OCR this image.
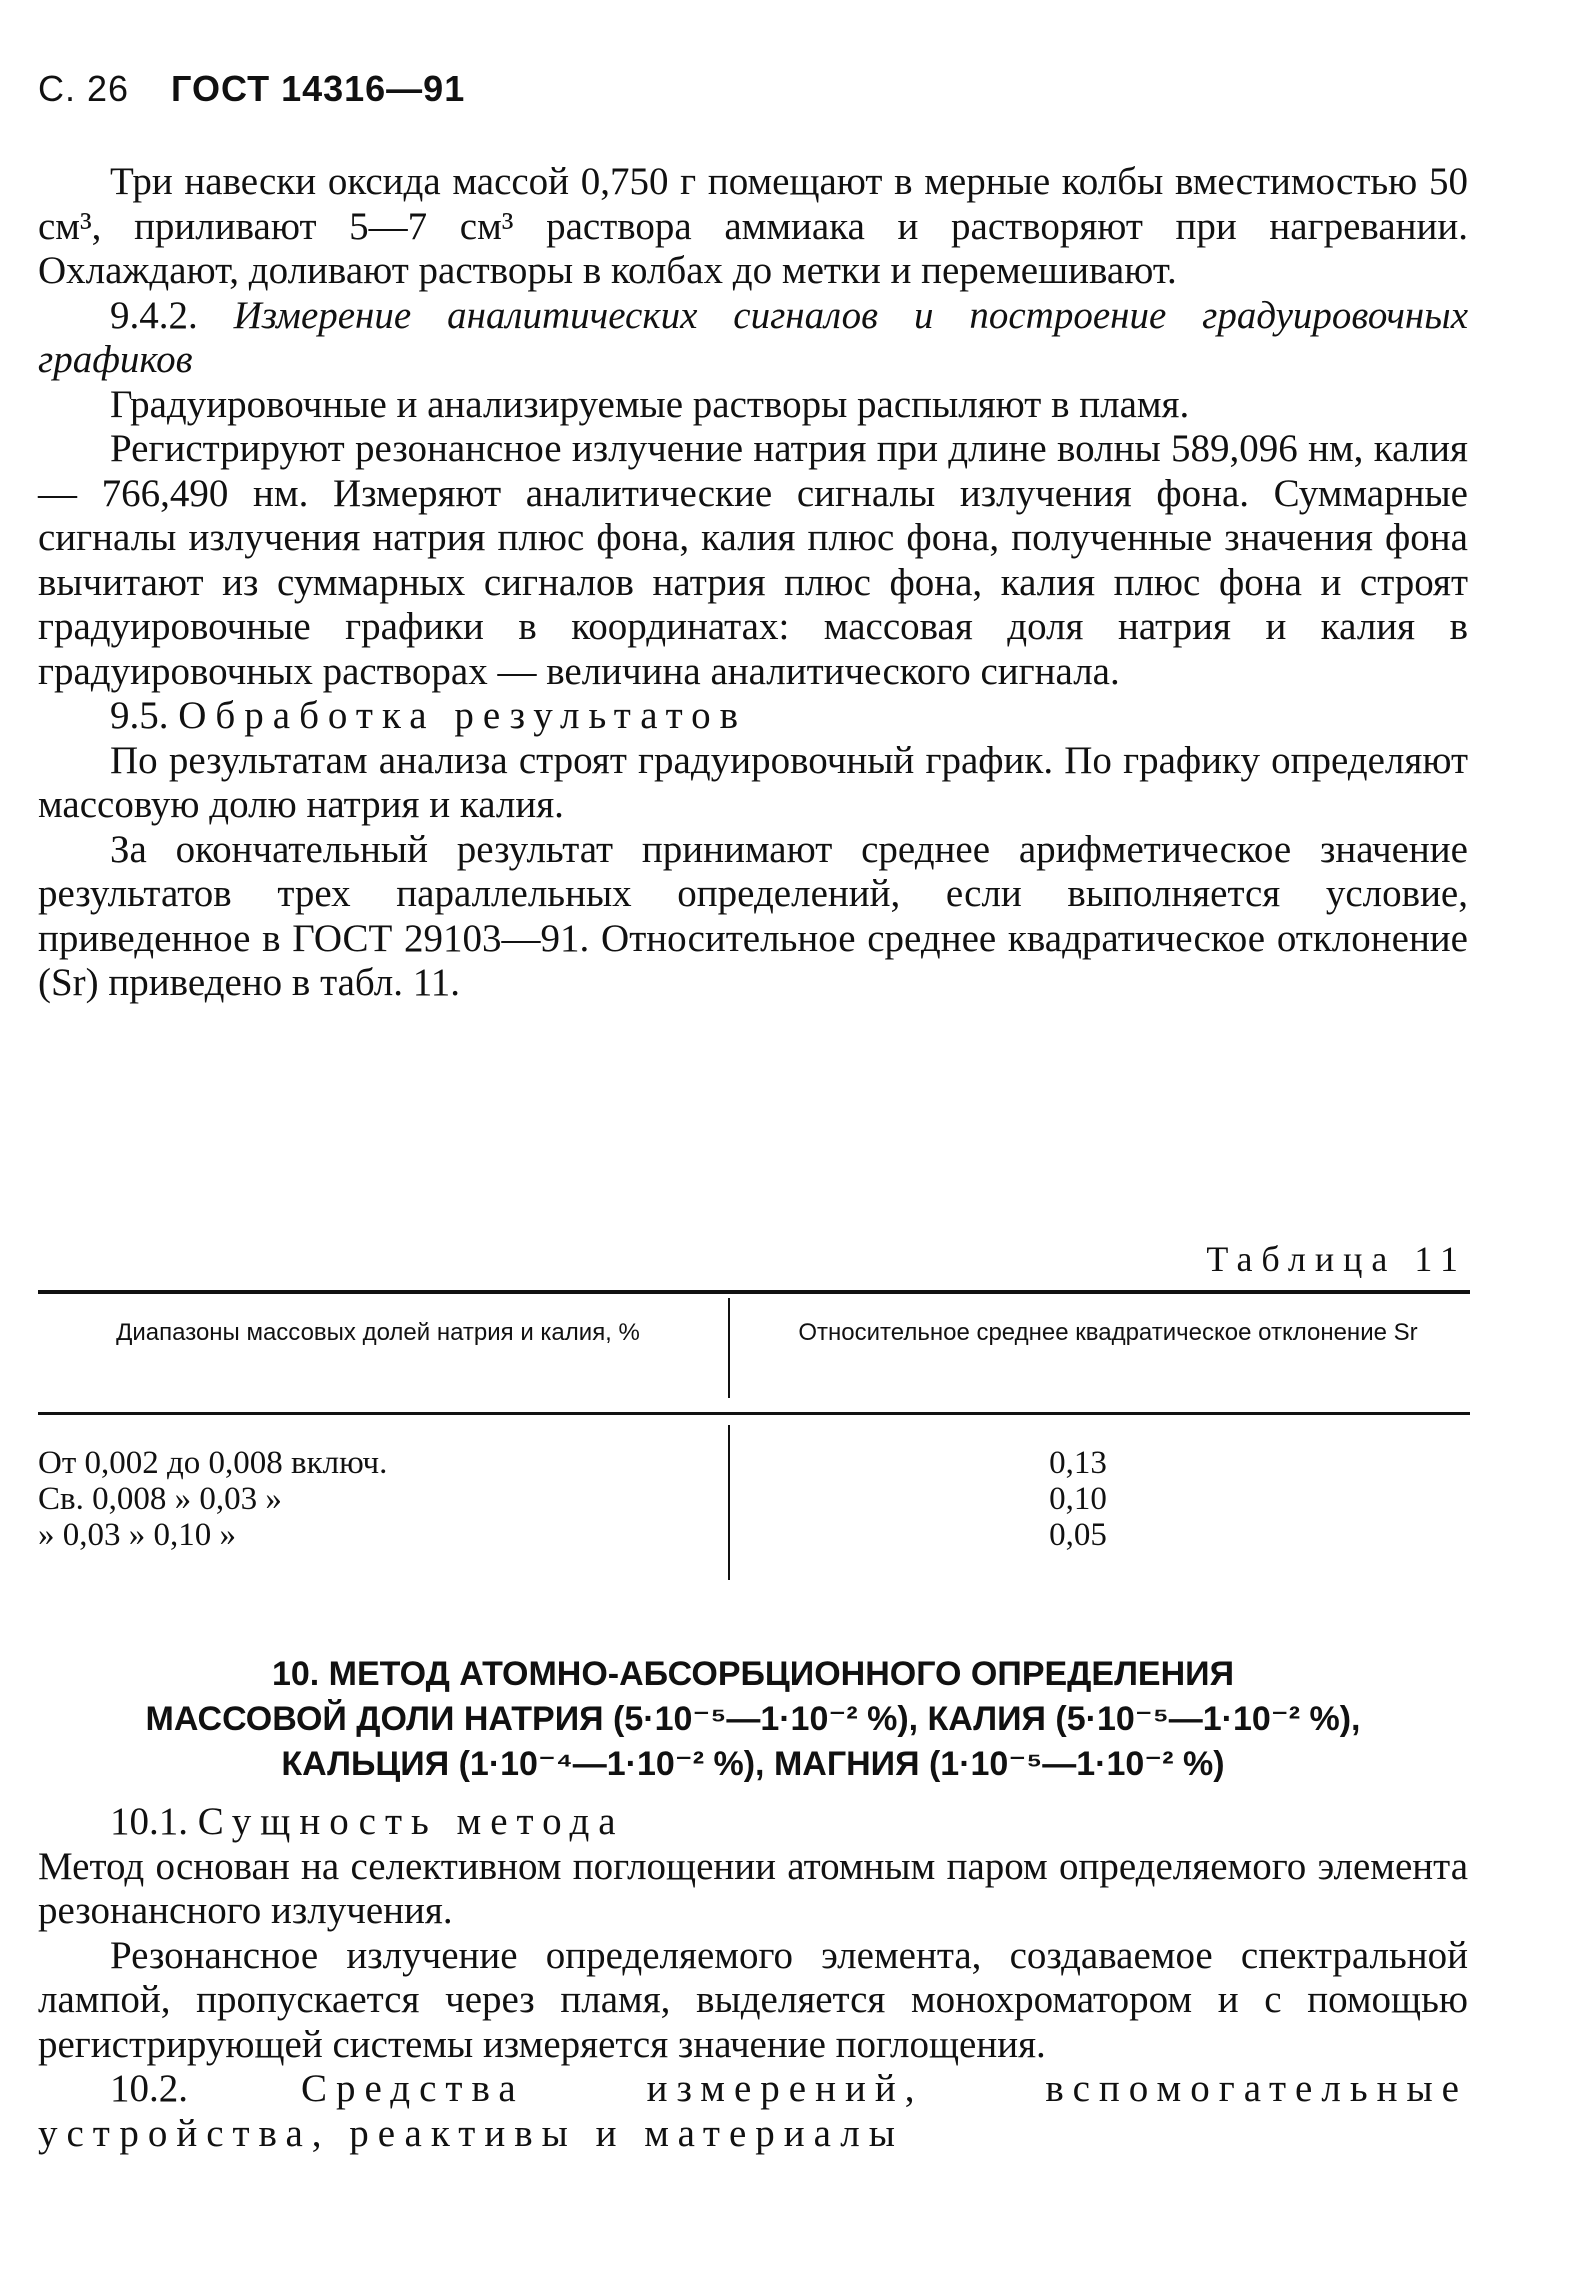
С. 26 ГОСТ 14316—91

Три навески оксида массой 0,750 г помещают в мерные колбы вместимостью 50 см³, приливают 5—7 см³ раствора аммиака и растворяют при нагревании. Охлаждают, доливают растворы в колбах до метки и перемешивают.

9.4.2. Измерение аналитических сигналов и построение градуировочных графиков

Градуировочные и анализируемые растворы распыляют в пламя.

Регистрируют резонансное излучение натрия при длине волны 589,096 нм, калия — 766,490 нм. Измеряют аналитические сигналы излучения фона. Суммарные сигналы излучения натрия плюс фона, калия плюс фона, полученные значения фона вычитают из суммарных сигналов натрия плюс фона, калия плюс фона и строят градуировочные графики в координатах: массовая доля натрия и калия в градуировочных растворах — величина аналитического сигнала.

9.5. Обработка результатов

По результатам анализа строят градуировочный график. По графику определяют массовую долю натрия и калия.

За окончательный результат принимают среднее арифметическое значение результатов трех параллельных определений, если выполняется условие, приведенное в ГОСТ 29103—91. Относительное среднее квадратическое отклонение (Sr) приведено в табл. 11.

Таблица 11
Диапазоны массовых долей натрия и калия, %	Относительное среднее квадратическое отклонение Sr
От 0,002 до 0,008 включ.
Св. 0,008 » 0,03 »
» 0,03 » 0,10 »
0,13
0,10
0,05
10. МЕТОД АТОМНО-АБСОРБЦИОННОГО ОПРЕДЕЛЕНИЯ
МАССОВОЙ ДОЛИ НАТРИЯ (5·10⁻⁵—1·10⁻² %), КАЛИЯ (5·10⁻⁵—1·10⁻² %),
КАЛЬЦИЯ (1·10⁻⁴—1·10⁻² %), МАГНИЯ (1·10⁻⁵—1·10⁻² %)

10.1. Сущность метода

Метод основан на селективном поглощении атомным паром определяемого элемента резонансного излучения.

Резонансное излучение определяемого элемента, создаваемое спектральной лампой, пропускается через пламя, выделяется монохроматором и с помощью регистрирующей системы измеряется значение поглощения.

10.2.	Средства измерений, вспомогательные устройства, реактивы и материалы
